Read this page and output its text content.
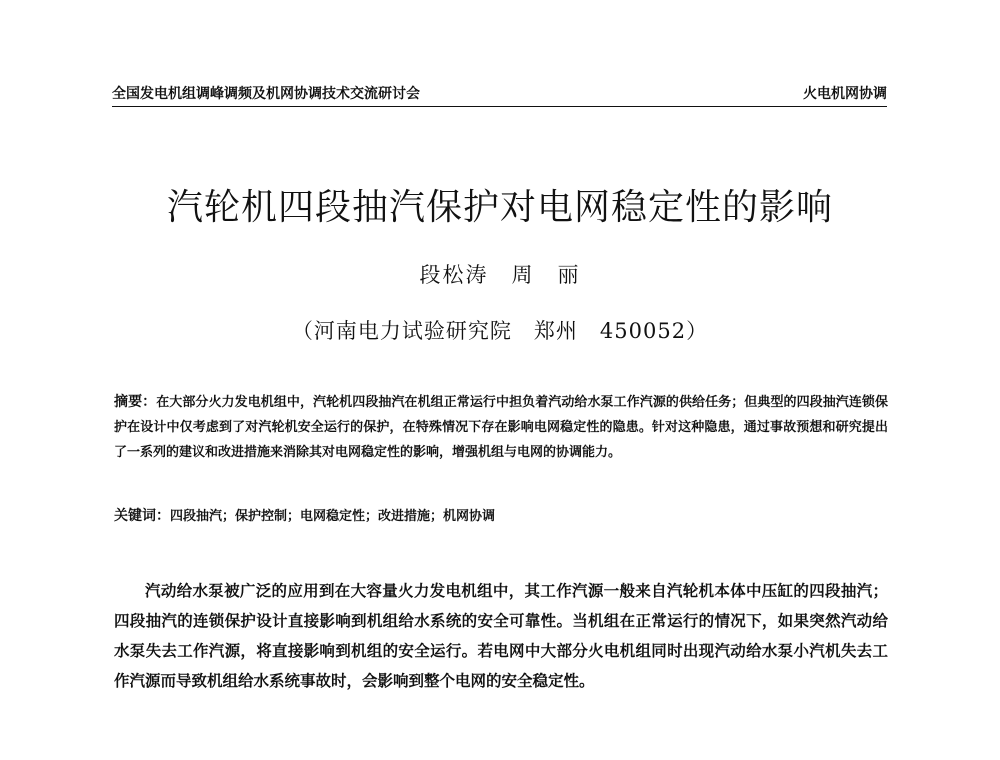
全国发电机组调峰调频及机网协调技术交流研讨会	火电机网协调
汽轮机四段抽汽保护对电网稳定性的影响
段松涛　周　丽
（河南电力试验研究院　郑州　450052）
摘要：在大部分火力发电机组中，汽轮机四段抽汽在机组正常运行中担负着汽动给水泵工作汽源的供给任务；但典型的四段抽汽连锁保护在设计中仅考虑到了对汽轮机安全运行的保护，在特殊情况下存在影响电网稳定性的隐患。针对这种隐患，通过事故预想和研究提出了一系列的建议和改进措施来消除其对电网稳定性的影响，增强机组与电网的协调能力。
关键词：四段抽汽；保护控制；电网稳定性；改进措施；机网协调
汽动给水泵被广泛的应用到在大容量火力发电机组中，其工作汽源一般来自汽轮机本体中压缸的四段抽汽；四段抽汽的连锁保护设计直接影响到机组给水系统的安全可靠性。当机组在正常运行的情况下，如果突然汽动给水泵失去工作汽源，将直接影响到机组的安全运行。若电网中大部分火电机组同时出现汽动给水泵小汽机失去工作汽源而导致机组给水系统事故时，会影响到整个电网的安全稳定性。
